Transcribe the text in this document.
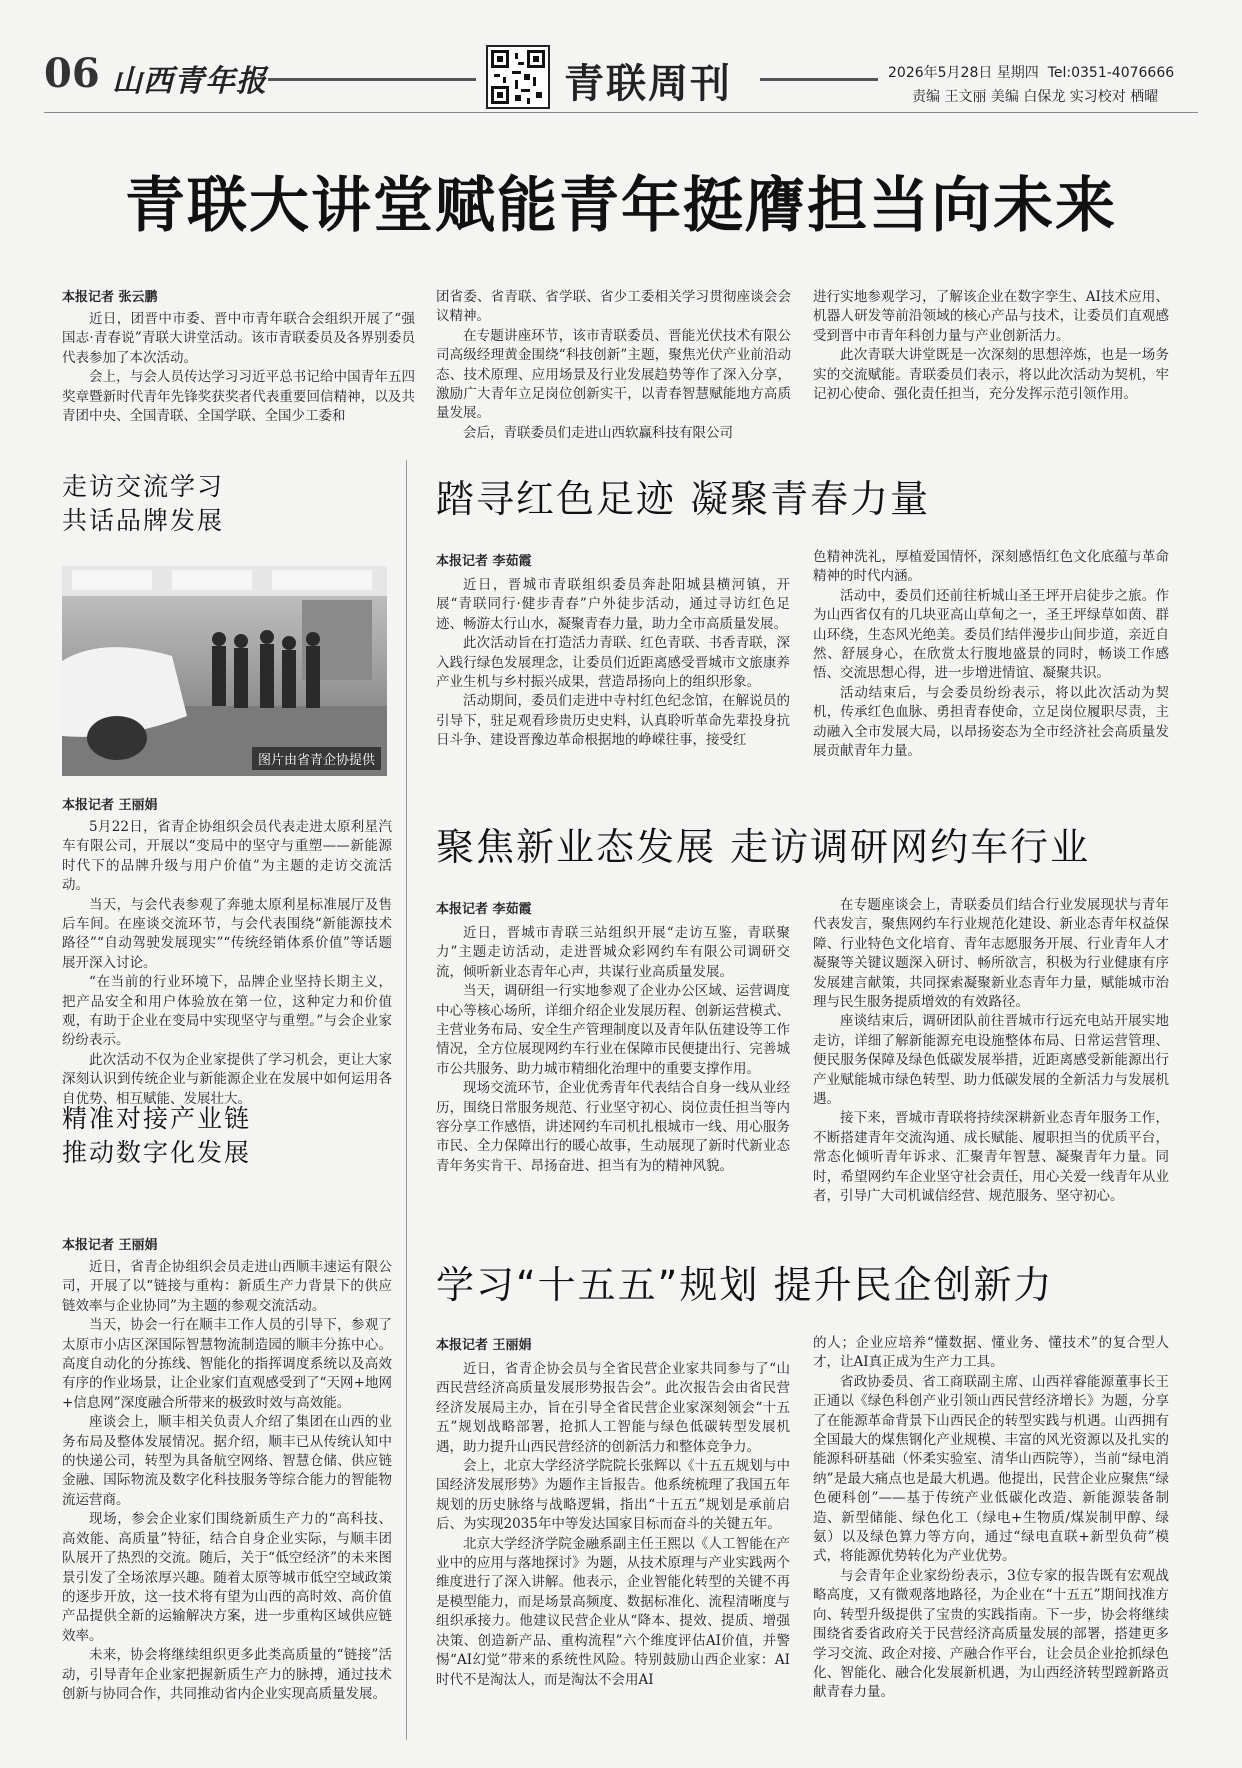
06 山西青年报	青联周刊	2026年5月28日 星期四 Tel:0351-4076666
责编 王文丽 美编 白保龙 实习校对 栖曜
青联大讲堂赋能青年挺膺担当向未来
本报记者 张云鹏

近日，团晋中市委、晋中市青年联合会组织开展了“强国志·青春说”青联大讲堂活动。该市青联委员及各界别委员代表参加了本次活动。

会上，与会人员传达学习习近平总书记给中国青年五四奖章暨新时代青年先锋奖获奖者代表重要回信精神，以及共青团中央、全国青联、全国学联、全国少工委和

团省委、省青联、省学联、省少工委相关学习贯彻座谈会会议精神。

在专题讲座环节，该市青联委员、晋能光伏技术有限公司高级经理黄金围绕“科技创新”主题，聚焦光伏产业前沿动态、技术原理、应用场景及行业发展趋势等作了深入分享，激励广大青年立足岗位创新实干，以青春智慧赋能地方高质量发展。

会后，青联委员们走进山西软赢科技有限公司

进行实地参观学习，了解该企业在数字孪生、AI技术应用、机器人研发等前沿领域的核心产品与技术，让委员们直观感受到晋中市青年科创力量与产业创新活力。

此次青联大讲堂既是一次深刻的思想淬炼，也是一场务实的交流赋能。青联委员们表示，将以此次活动为契机，牢记初心使命、强化责任担当，充分发挥示范引领作用。

走访交流学习
共话品牌发展
图片由省青企协提供
本报记者 王丽娟

5月22日，省青企协组织会员代表走进太原利星汽车有限公司，开展以“变局中的坚守与重塑——新能源时代下的品牌升级与用户价值”为主题的走访交流活动。

当天，与会代表参观了奔驰太原利星标准展厅及售后车间。在座谈交流环节，与会代表围绕“新能源技术路径”“自动驾驶发展现实”“传统经销体系价值”等话题展开深入讨论。

“在当前的行业环境下，品牌企业坚持长期主义，把产品安全和用户体验放在第一位，这种定力和价值观，有助于企业在变局中实现坚守与重塑。”与会企业家纷纷表示。

此次活动不仅为企业家提供了学习机会，更让大家深刻认识到传统企业与新能源企业在发展中如何运用各自优势、相互赋能、发展壮大。

精准对接产业链
推动数字化发展
本报记者 王丽娟

近日，省青企协组织会员走进山西顺丰速运有限公司，开展了以“链接与重构：新质生产力背景下的供应链效率与企业协同”为主题的参观交流活动。

当天，协会一行在顺丰工作人员的引导下，参观了太原市小店区深国际智慧物流制造园的顺丰分拣中心。高度自动化的分拣线、智能化的指挥调度系统以及高效有序的作业场景，让企业家们直观感受到了“天网+地网+信息网”深度融合所带来的极致时效与高效能。

座谈会上，顺丰相关负责人介绍了集团在山西的业务布局及整体发展情况。据介绍，顺丰已从传统认知中的快递公司，转型为具备航空网络、智慧仓储、供应链金融、国际物流及数字化科技服务等综合能力的智能物流运营商。

现场，参会企业家们围绕新质生产力的“高科技、高效能、高质量”特征，结合自身企业实际，与顺丰团队展开了热烈的交流。随后，关于“低空经济”的未来图景引发了全场浓厚兴趣。随着太原等城市低空空域政策的逐步开放，这一技术将有望为山西的高时效、高价值产品提供全新的运输解决方案，进一步重构区域供应链效率。

未来，协会将继续组织更多此类高质量的“链接”活动，引导青年企业家把握新质生产力的脉搏，通过技术创新与协同合作，共同推动省内企业实现高质量发展。

踏寻红色足迹 凝聚青春力量
本报记者 李茹霞

近日，晋城市青联组织委员奔赴阳城县横河镇，开展“青联同行·健步青春”户外徒步活动，通过寻访红色足迹、畅游太行山水，凝聚青春力量，助力全市高质量发展。

此次活动旨在打造活力青联、红色青联、书香青联，深入践行绿色发展理念，让委员们近距离感受晋城市文旅康养产业生机与乡村振兴成果，营造昂扬向上的组织形象。

活动期间，委员们走进中寺村红色纪念馆，在解说员的引导下，驻足观看珍贵历史史料，认真聆听革命先辈投身抗日斗争、建设晋豫边革命根据地的峥嵘往事，接受红

色精神洗礼，厚植爱国情怀，深刻感悟红色文化底蕴与革命精神的时代内涵。

活动中，委员们还前往析城山圣王坪开启徒步之旅。作为山西省仅有的几块亚高山草甸之一，圣王坪绿草如茵、群山环绕，生态风光绝美。委员们结伴漫步山间步道，亲近自然、舒展身心，在欣赏太行腹地盛景的同时，畅谈工作感悟、交流思想心得，进一步增进情谊、凝聚共识。

活动结束后，与会委员纷纷表示，将以此次活动为契机，传承红色血脉、勇担青春使命，立足岗位履职尽责，主动融入全市发展大局，以昂扬姿态为全市经济社会高质量发展贡献青年力量。

聚焦新业态发展 走访调研网约车行业
本报记者 李茹霞

近日，晋城市青联三站组织开展“走访互鉴，青联聚力”主题走访活动，走进晋城众彩网约车有限公司调研交流，倾听新业态青年心声，共谋行业高质量发展。

当天，调研组一行实地参观了企业办公区域、运营调度中心等核心场所，详细介绍企业发展历程、创新运营模式、主营业务布局、安全生产管理制度以及青年队伍建设等工作情况，全方位展现网约车行业在保障市民便捷出行、完善城市公共服务、助力城市精细化治理中的重要支撑作用。

现场交流环节，企业优秀青年代表结合自身一线从业经历，围绕日常服务规范、行业坚守初心、岗位责任担当等内容分享工作感悟，讲述网约车司机扎根城市一线、用心服务市民、全力保障出行的暖心故事，生动展现了新时代新业态青年务实肯干、昂扬奋进、担当有为的精神风貌。

在专题座谈会上，青联委员们结合行业发展现状与青年代表发言，聚焦网约车行业规范化建设、新业态青年权益保障、行业特色文化培育、青年志愿服务开展、行业青年人才凝聚等关键议题深入研讨、畅所欲言，积极为行业健康有序发展建言献策，共同探索凝聚新业态青年力量，赋能城市治理与民生服务提质增效的有效路径。

座谈结束后，调研团队前往晋城市行远充电站开展实地走访，详细了解新能源充电设施整体布局、日常运营管理、便民服务保障及绿色低碳发展举措，近距离感受新能源出行产业赋能城市绿色转型、助力低碳发展的全新活力与发展机遇。

接下来，晋城市青联将持续深耕新业态青年服务工作，不断搭建青年交流沟通、成长赋能、履职担当的优质平台，常态化倾听青年诉求、汇聚青年智慧、凝聚青年力量。同时，希望网约车企业坚守社会责任，用心关爱一线青年从业者，引导广大司机诚信经营、规范服务、坚守初心。

学习“十五五”规划 提升民企创新力
本报记者 王丽娟

近日，省青企协会员与全省民营企业家共同参与了“山西民营经济高质量发展形势报告会”。此次报告会由省民营经济发展局主办，旨在引导全省民营企业家深刻领会“十五五”规划战略部署，抢抓人工智能与绿色低碳转型发展机遇，助力提升山西民营经济的创新活力和整体竞争力。

会上，北京大学经济学院院长张辉以《十五五规划与中国经济发展形势》为题作主旨报告。他系统梳理了我国五年规划的历史脉络与战略逻辑，指出“十五五”规划是承前启后、为实现2035年中等发达国家目标而奋斗的关键五年。

北京大学经济学院金融系副主任王熙以《人工智能在产业中的应用与落地探讨》为题，从技术原理与产业实践两个维度进行了深入讲解。他表示，企业智能化转型的关键不再是模型能力，而是场景高频度、数据标准化、流程清晰度与组织承接力。他建议民营企业从“降本、提效、提质、增强决策、创造新产品、重构流程”六个维度评估AI价值，并警惕“AI幻觉”带来的系统性风险。特别鼓励山西企业家：AI时代不是淘汰人，而是淘汰不会用AI

的人；企业应培养“懂数据、懂业务、懂技术”的复合型人才，让AI真正成为生产力工具。

省政协委员、省工商联副主席、山西祥睿能源董事长王正通以《绿色科创产业引领山西民营经济增长》为题，分享了在能源革命背景下山西民企的转型实践与机遇。山西拥有全国最大的煤焦钢化产业规模、丰富的风光资源以及扎实的能源科研基础（怀柔实验室、清华山西院等），当前“绿电消纳”是最大痛点也是最大机遇。他提出，民营企业应聚焦“绿色硬科创”——基于传统产业低碳化改造、新能源装备制造、新型储能、绿色化工（绿电+生物质/煤炭制甲醇、绿氨）以及绿色算力等方向，通过“绿电直联+新型负荷”模式，将能源优势转化为产业优势。

与会青年企业家纷纷表示，3位专家的报告既有宏观战略高度，又有微观落地路径，为企业在“十五五”期间找准方向、转型升级提供了宝贵的实践指南。下一步，协会将继续围绕省委省政府关于民营经济高质量发展的部署，搭建更多学习交流、政企对接、产融合作平台，让会员企业抢抓绿色化、智能化、融合化发展新机遇，为山西经济转型蹚新路贡献青春力量。
